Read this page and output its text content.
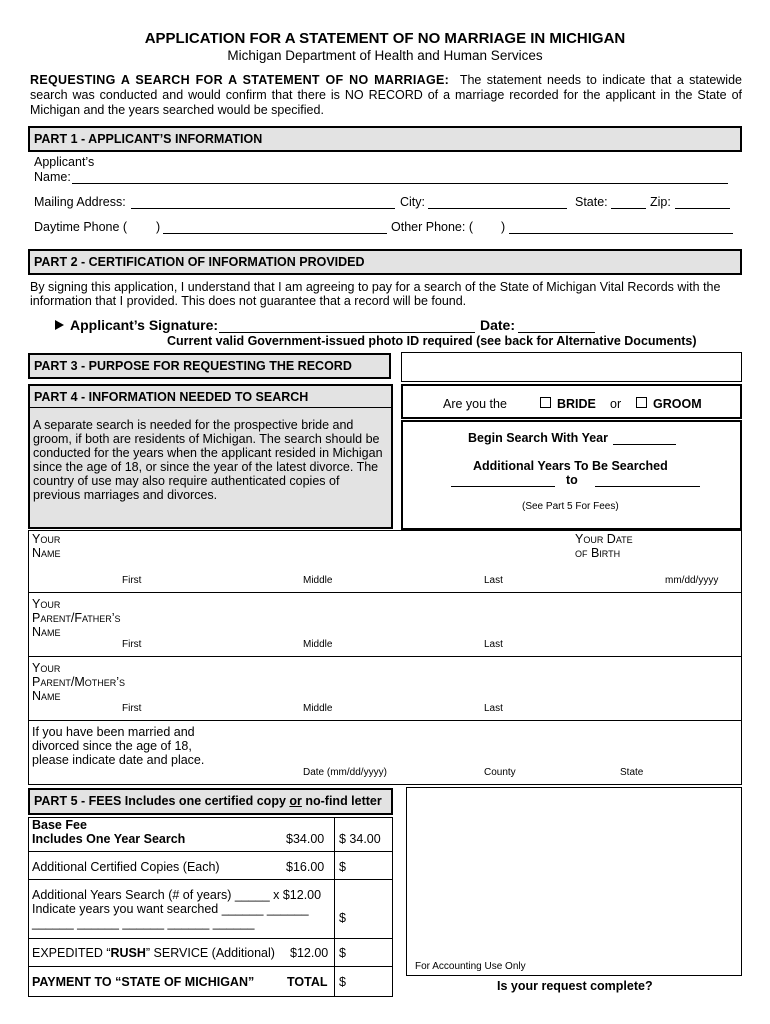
APPLICATION FOR A STATEMENT OF NO MARRIAGE IN MICHIGAN
Michigan Department of Health and Human Services
REQUESTING A SEARCH FOR A STATEMENT OF NO MARRIAGE: The statement needs to indicate that a statewide search was conducted and would confirm that there is NO RECORD of a marriage recorded for the applicant in the State of Michigan and the years searched would be specified.
PART 1 - APPLICANT’S INFORMATION
Applicant’s
Name:
Mailing Address:	City:	State:	Zip:
Daytime Phone ( )	Other Phone: ( )
PART 2 - CERTIFICATION OF INFORMATION PROVIDED
By signing this application, I understand that I am agreeing to pay for a search of the State of Michigan Vital Records with the information that I provided. This does not guarantee that a record will be found.
Applicant’s Signature:	Date:
Current valid Government-issued photo ID required (see back for Alternative Documents)
PART 3 - PURPOSE FOR REQUESTING THE RECORD
PART 4 - INFORMATION NEEDED TO SEARCH
A separate search is needed for the prospective bride and groom, if both are residents of Michigan. The search should be conducted for the years when the applicant resided in Michigan since the age of 18, or since the year of the latest divorce. The country of use may also require authenticated copies of previous marriages and divorces.
Are you the	BRIDE or	GROOM
Begin Search With Year
Additional Years To Be Searched
to
(See Part 5 For Fees)
Your
Name
Your Date
of Birth
First	Middle	Last	mm/dd/yyyy
Your
Parent/Father’s
Name
First	Middle	Last
Your
Parent/Mother’s
Name
First	Middle	Last
If you have been married and divorced since the age of 18, please indicate date and place.
Date (mm/dd/yyyy)	County	State
PART 5 - FEES Includes one certified copy or no-find letter
Base Fee
Includes One Year Search	$34.00 $ 34.00
Additional Certified Copies (Each)	$16.00 $
Additional Years Search (# of years) _____ x $12.00
Indicate years you want searched ______ ______
______ ______ ______ ______ ______	$
EXPEDITED “RUSH” SERVICE (Additional) $12.00 $
PAYMENT TO “STATE OF MICHIGAN”	TOTAL $
For Accounting Use Only
Is your request complete?
